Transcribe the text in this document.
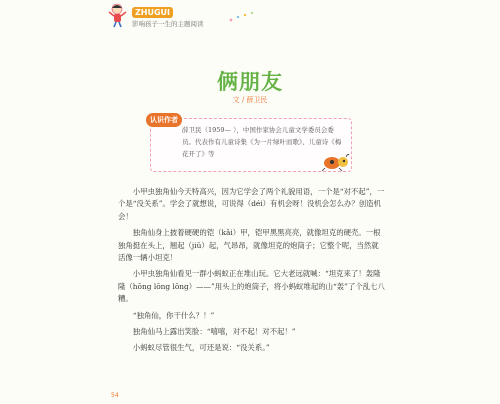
ZHUGUI
影响孩子一生的主题阅读
俩朋友
文 / 薛卫民
认识作者
薛卫民（1959— ），中国作家协会儿童文学委员会委员。代表作有儿童诗集《为一片绿叶而歌》、儿童诗《梅花开了》等

小甲虫独角仙今天特高兴，因为它学会了两个礼貌用语，一个是“对不起”，一个是“没关系”。学会了就想说，可说得（déi）有机会呀！没机会怎么办？创造机会！

独角仙身上披着硬硬的铠（kǎi）甲，铠甲黑黑亮亮，就像坦克的硬壳。一根独角挺在头上，翘起（jiǔ）起，气昂昂，就像坦克的炮筒子；它整个呢，当然就活像一辆小坦克！

小甲虫独角仙看见一群小蚂蚁正在堆山玩。它大老远就喊：“坦克来了！轰隆隆（hōng lōng lōng）——”用头上的炮筒子，将小蚂蚁堆起的山“轰”了个乱七八糟。

“独角仙，你干什么？！”

独角仙马上露出笑脸：“嘻嘻，对不起！对不起！”

小蚂蚁尽管很生气，可还是说：“没关系。”

54
